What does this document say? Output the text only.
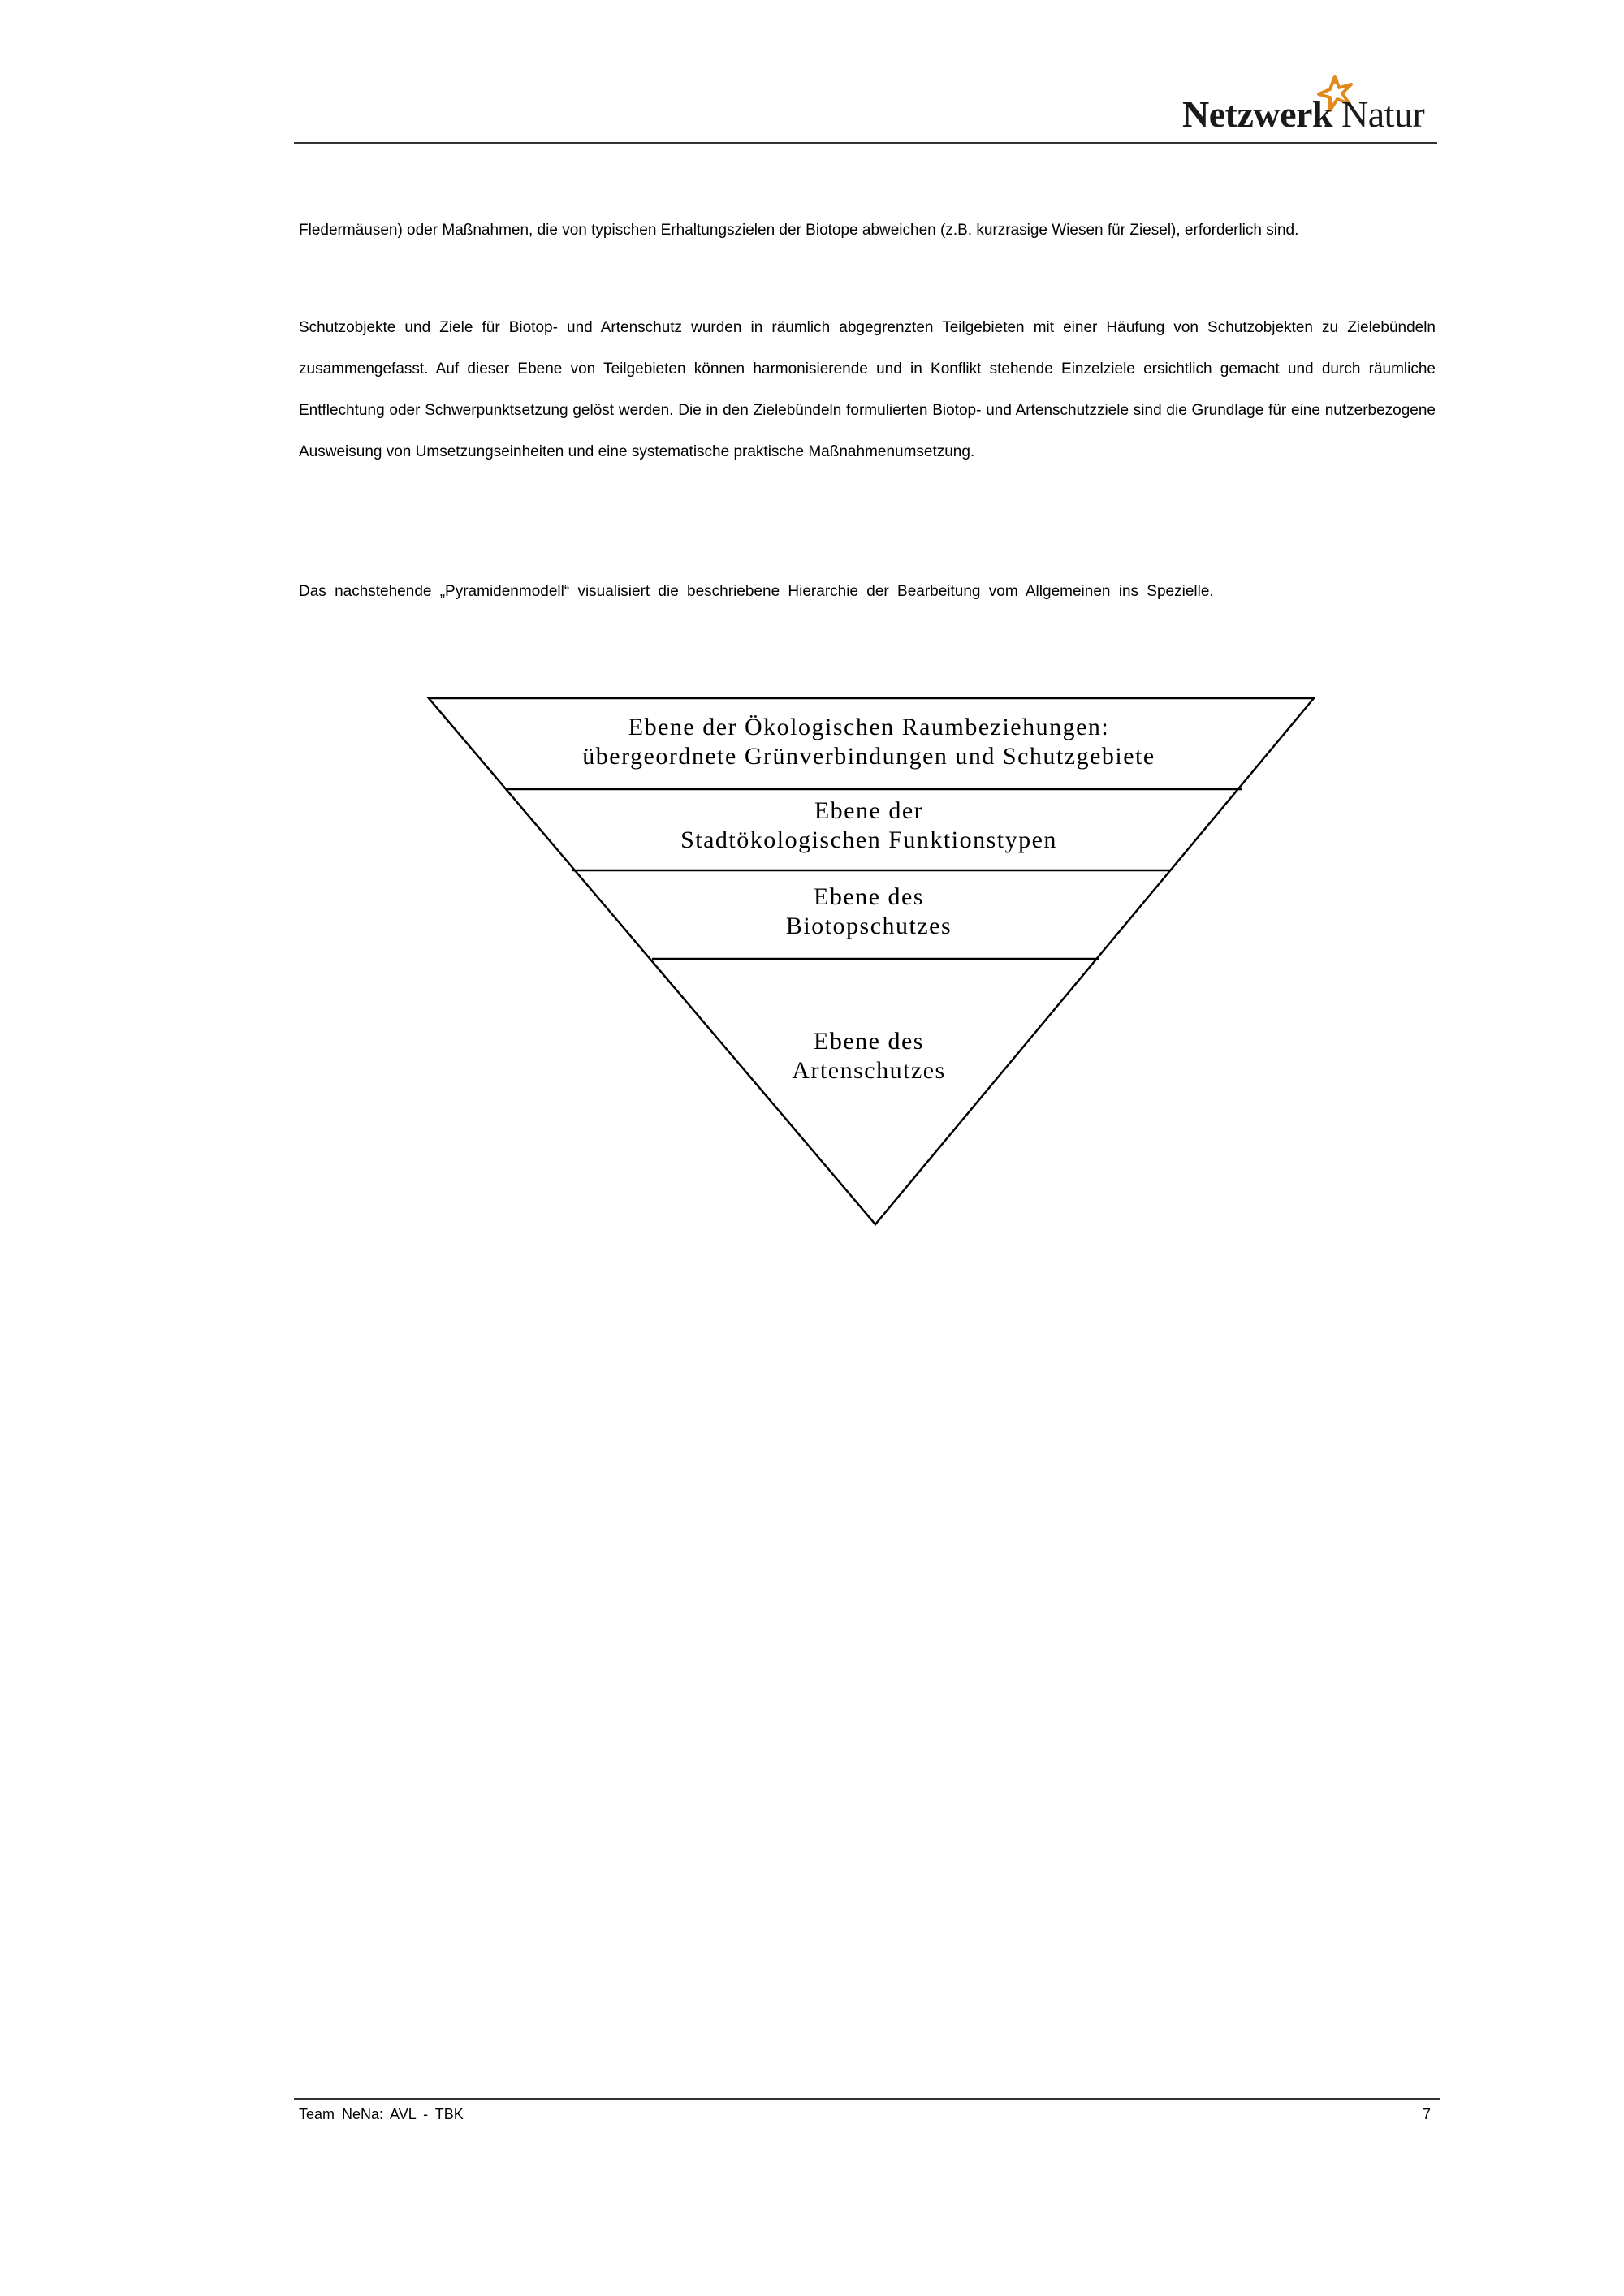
Netzwerk Natur

Fledermäusen) oder Maßnahmen, die von typischen Erhaltungszielen der Biotope abweichen (z.B. kurzrasige Wiesen für Ziesel), erforderlich sind.

Schutzobjekte und Ziele für Biotop- und Artenschutz wurden in räumlich abgegrenzten Teilgebieten mit einer Häufung von Schutzobjekten zu Zielebündeln zusammengefasst. Auf dieser Ebene von Teilgebieten können harmonisierende und in Konflikt stehende Einzelziele ersichtlich gemacht und durch räumliche Entflechtung oder Schwerpunktsetzung gelöst werden. Die in den Zielebündeln formulierten Biotop- und Artenschutzziele sind die Grundlage für eine nutzerbezogene Ausweisung von Umsetzungseinheiten und eine systematische praktische Maßnahmenumsetzung.

Das nachstehende „Pyramidenmodell“ visualisiert die beschriebene Hierarchie der Bearbeitung vom Allgemeinen ins Spezielle.

Ebene der Ökologischen Raumbeziehungen:
übergeordnete Grünverbindungen und Schutzgebiete
Ebene der
Stadtökologischen Funktionstypen
Ebene des
Biotopschutzes
Ebene des
Artenschutzes
Team NeNa: AVL - TBK	7
